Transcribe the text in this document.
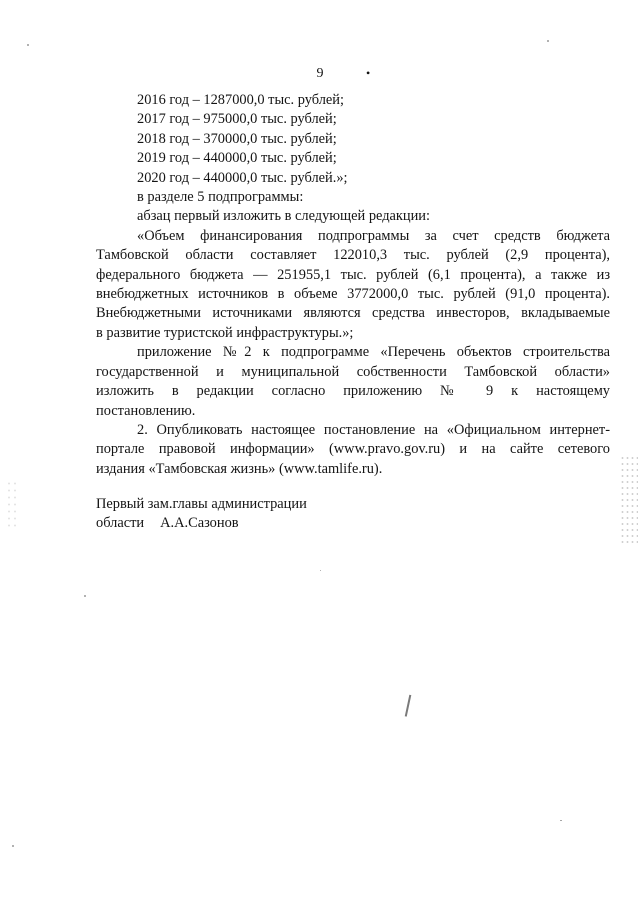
9	•
2016 год – 1287000,0 тыс. рублей;
2017 год – 975000,0 тыс. рублей;
2018 год – 370000,0 тыс. рублей;
2019 год – 440000,0 тыс. рублей;
2020 год – 440000,0 тыс. рублей.»;
в разделе 5 подпрограммы:
абзац первый изложить в следующей редакции:
«Объем финансирования подпрограммы за счет средств бюджета
Тамбовской области составляет 122010,3 тыс. рублей (2,9 процента),
федерального бюджета — 251955,1 тыс. рублей (6,1 процента), а также из
внебюджетных источников в объеме 3772000,0 тыс. рублей (91,0 процента).
Внебюджетными источниками являются средства инвесторов, вкладываемые
в развитие туристской инфраструктуры.»;
приложение №2 к подпрограмме «Перечень объектов строительства
государственной и муниципальной собственности Тамбовской области»
изложить в редакции согласно приложению № 9 к настоящему
постановлению.
2. Опубликовать настоящее постановление на «Официальном интернет-
портале правовой информации» (www.pravo.gov.ru) и на сайте сетевого
издания «Тамбовская жизнь» (www.tamlife.ru).
Первый зам.главы администрации
области А.А.Сазонов
